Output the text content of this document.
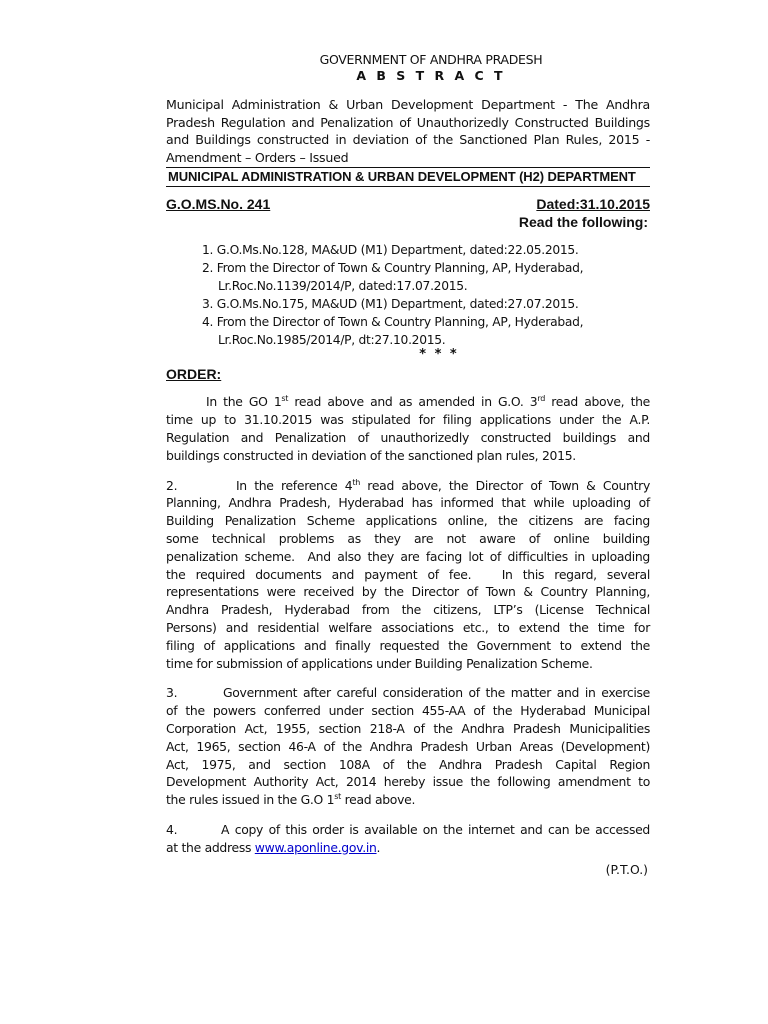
GOVERNMENT OF ANDHRA PRADESH
A B S T R A C T
Municipal Administration & Urban Development Department - The Andhra
Pradesh Regulation and Penalization of Unauthorizedly Constructed Buildings
and Buildings constructed in deviation of the Sanctioned Plan Rules, 2015 -
Amendment – Orders – Issued
MUNICIPAL ADMINISTRATION & URBAN DEVELOPMENT (H2) DEPARTMENT
G.O.MS.No. 241	Dated:31.10.2015
Read the following:
1. G.O.Ms.No.128, MA&UD (M1) Department, dated:22.05.2015.
2. From the Director of Town & Country Planning, AP, Hyderabad,
Lr.Roc.No.1139/2014/P, dated:17.07.2015.
3. G.O.Ms.No.175, MA&UD (M1) Department, dated:27.07.2015.
4. From the Director of Town & Country Planning, AP, Hyderabad,
Lr.Roc.No.1985/2014/P, dt:27.10.2015.
* * *
ORDER:
In the GO 1st read above and as amended in G.O. 3rd read above, the
time up to 31.10.2015 was stipulated for filing applications under the A.P.
Regulation and Penalization of unauthorizedly constructed buildings and
buildings constructed in deviation of the sanctioned plan rules, 2015.
2.        In the reference 4th read above, the Director of Town & Country
Planning, Andhra Pradesh, Hyderabad has informed that while uploading of
Building Penalization Scheme applications online, the citizens are facing
some technical problems as they are not aware of online building
penalization scheme.  And also they are facing lot of difficulties in uploading
the required documents and payment of fee.   In this regard, several
representations were received by the Director of Town & Country Planning,
Andhra Pradesh, Hyderabad from the citizens, LTP’s (License Technical
Persons) and residential welfare associations etc., to extend the time for
filing of applications and finally requested the Government to extend the
time for submission of applications under Building Penalization Scheme.
3.        Government after careful consideration of the matter and in exercise
of the powers conferred under section 455-AA of the Hyderabad Municipal
Corporation Act, 1955, section 218-A of the Andhra Pradesh Municipalities
Act, 1965, section 46-A of the Andhra Pradesh Urban Areas (Development)
Act, 1975, and section 108A of the Andhra Pradesh Capital Region
Development Authority Act, 2014 hereby issue the following amendment to
the rules issued in the G.O 1st read above.
4.        A copy of this order is available on the internet and can be accessed
at the address www.aponline.gov.in.
(P.T.O.)
